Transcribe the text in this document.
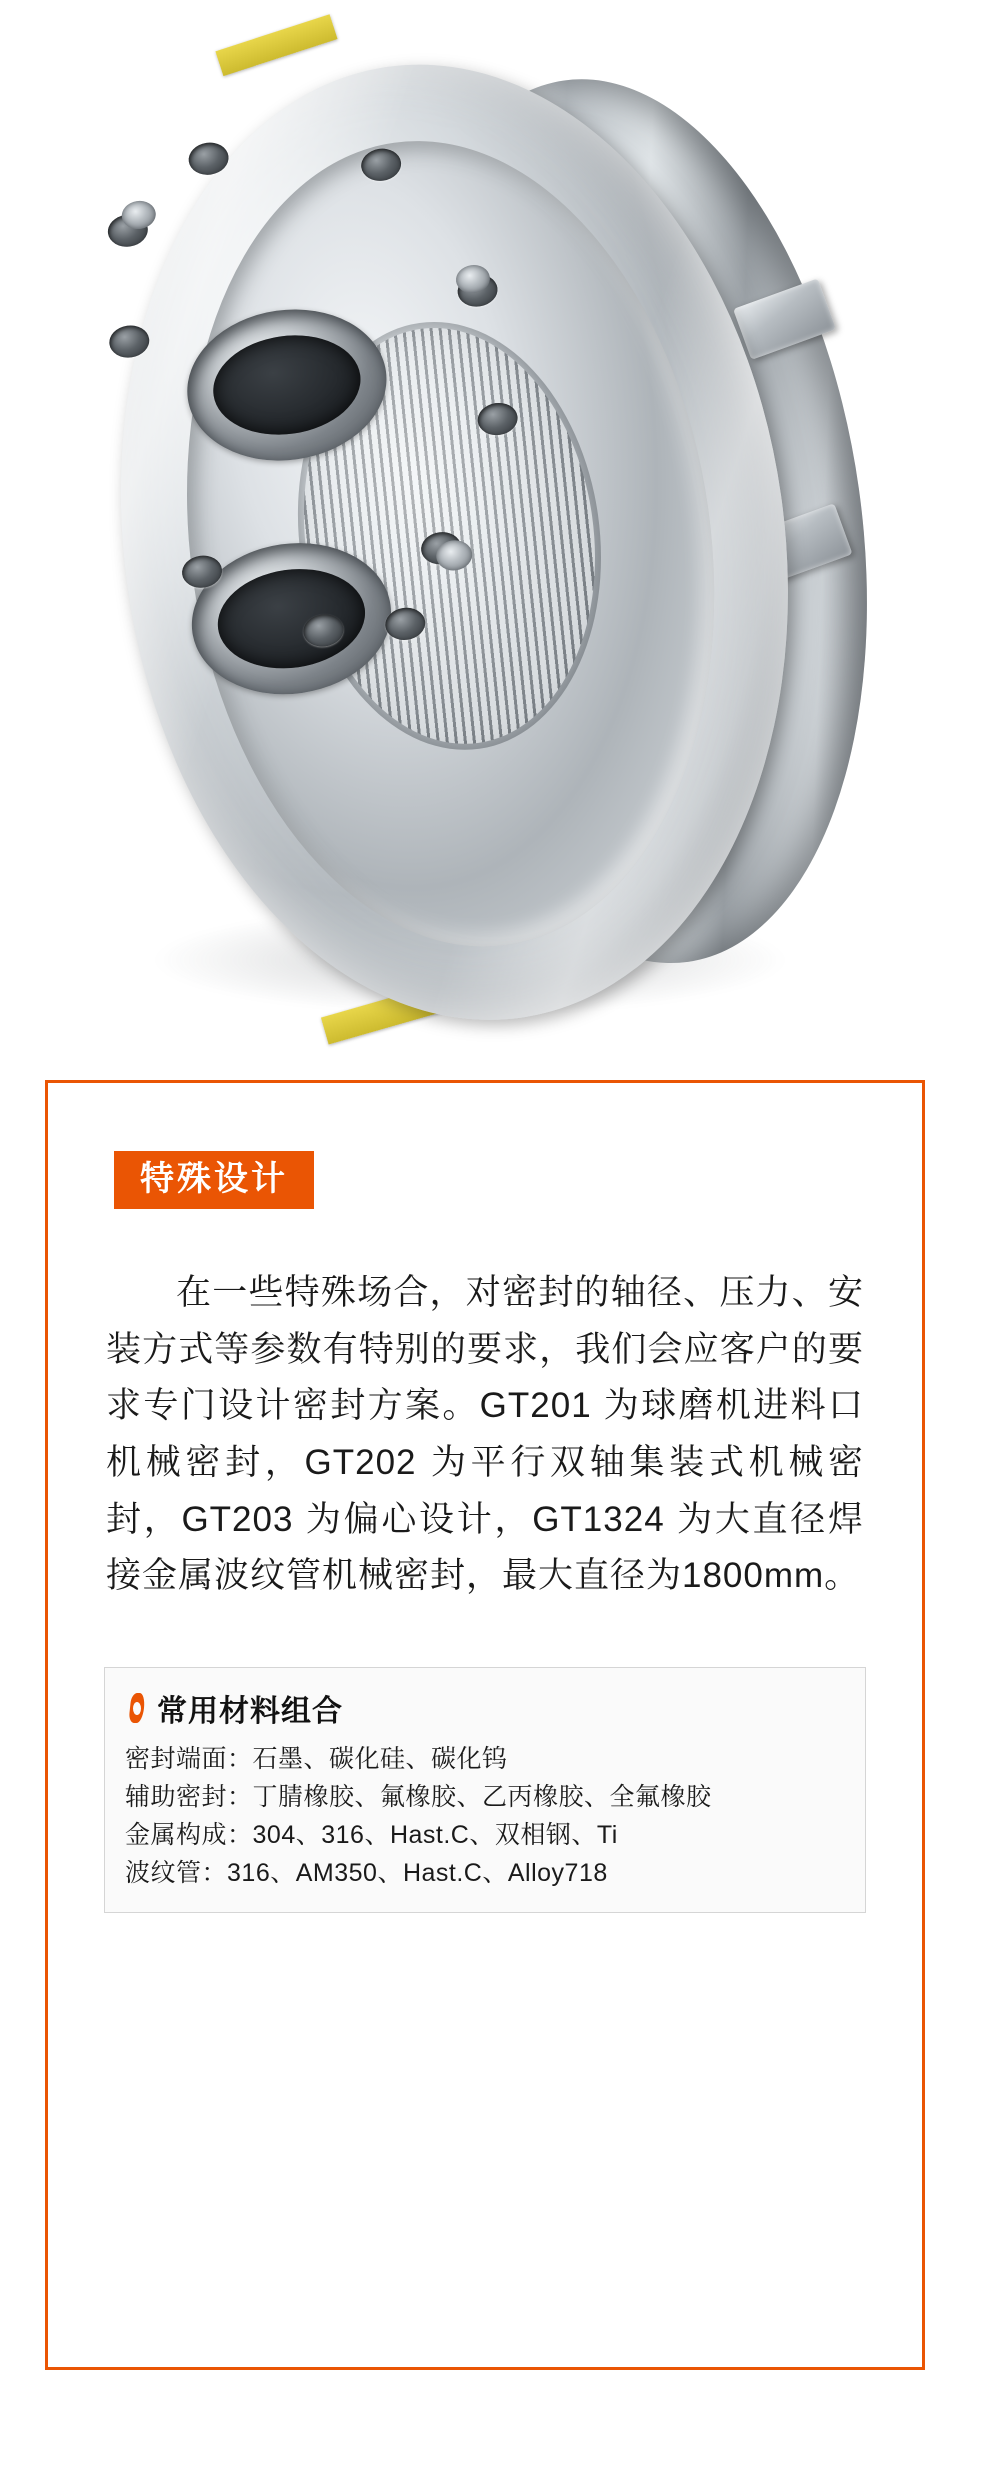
特殊设计

在一些特殊场合，对密封的轴径、压力、安装方式等参数有特别的要求，我们会应客户的要求专门设计密封方案。GT201 为球磨机进料口机械密封，GT202 为平行双轴集装式机械密封，GT203 为偏心设计，GT1324 为大直径焊接金属波纹管机械密封，最大直径为1800mm。

常用材料组合
密封端面：石墨、碳化硅、碳化钨
辅助密封：丁腈橡胶、氟橡胶、乙丙橡胶、全氟橡胶
金属构成：304、316、Hast.C、双相钢、Ti
波纹管：316、AM350、Hast.C、Alloy718
